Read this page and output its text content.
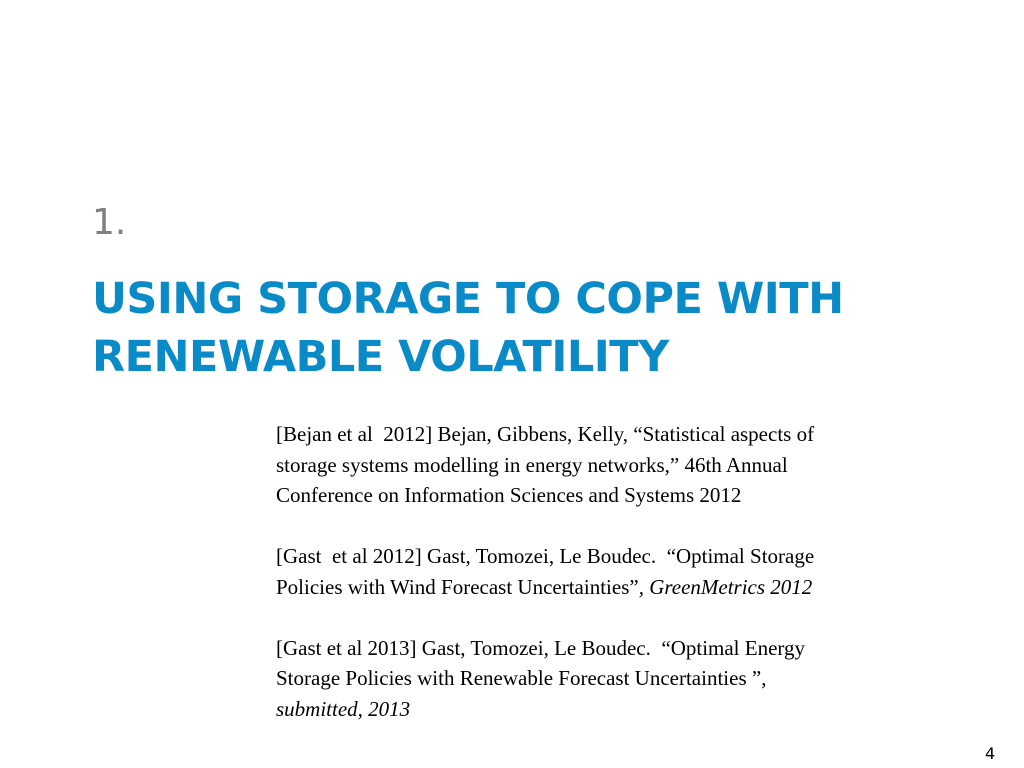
1.
USING STORAGE TO COPE WITH
RENEWABLE VOLATILITY
[Bejan et al  2012] Bejan, Gibbens, Kelly, “Statistical aspects of
storage systems modelling in energy networks,” 46th Annual
Conference on Information Sciences and Systems 2012
[Gast  et al 2012] Gast, Tomozei, Le Boudec.  “Optimal Storage
Policies with Wind Forecast Uncertainties”, GreenMetrics 2012
[Gast et al 2013] Gast, Tomozei, Le Boudec.  “Optimal Energy
Storage Policies with Renewable Forecast Uncertainties ”,
submitted, 2013
4
